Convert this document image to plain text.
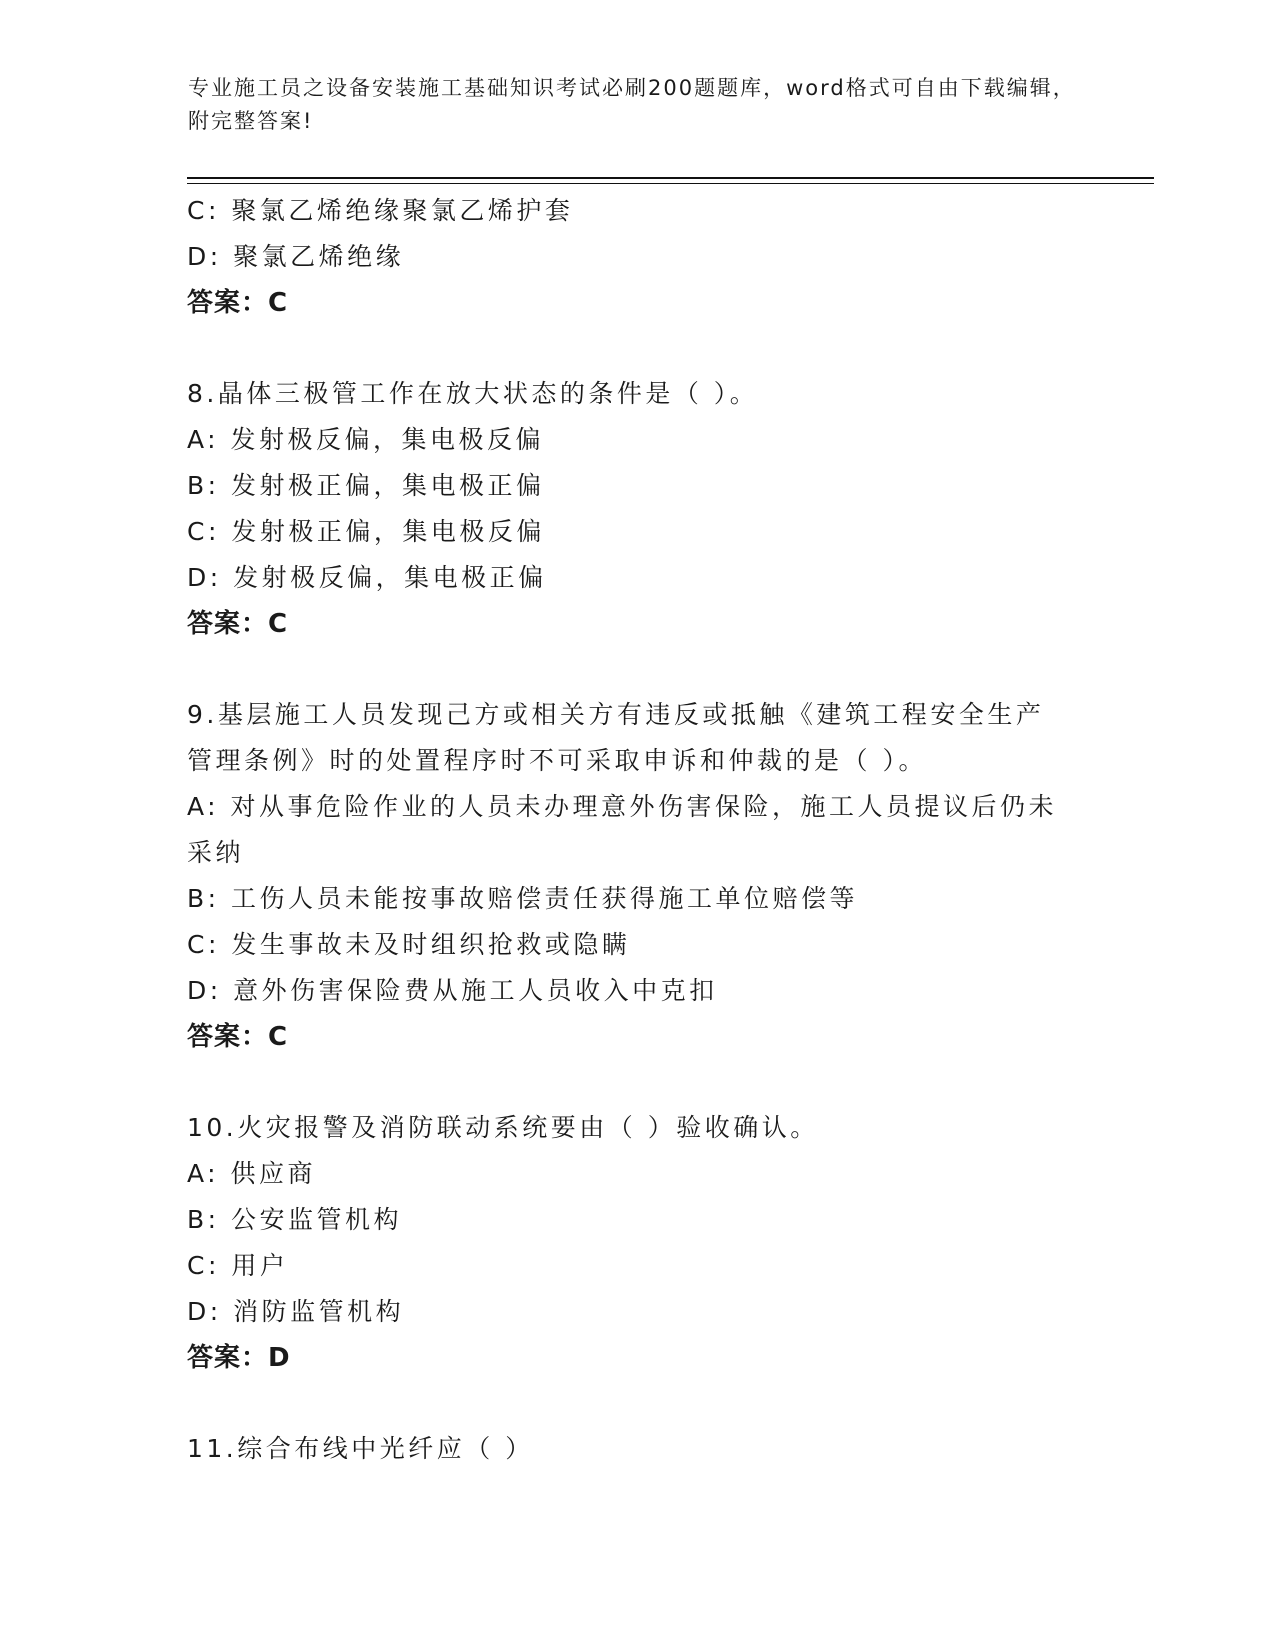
专业施工员之设备安装施工基础知识考试必刷200题题库，word格式可自由下载编辑，附完整答案!
C: 聚氯乙烯绝缘聚氯乙烯护套
D: 聚氯乙烯绝缘
答案：C
8.晶体三极管工作在放大状态的条件是（ ）。
A: 发射极反偏，集电极反偏
B: 发射极正偏，集电极正偏
C: 发射极正偏，集电极反偏
D: 发射极反偏，集电极正偏
答案：C
9.基层施工人员发现己方或相关方有违反或抵触《建筑工程安全生产
管理条例》时的处置程序时不可采取申诉和仲裁的是（ ）。
A: 对从事危险作业的人员未办理意外伤害保险，施工人员提议后仍未
采纳
B: 工伤人员未能按事故赔偿责任获得施工单位赔偿等
C: 发生事故未及时组织抢救或隐瞒
D: 意外伤害保险费从施工人员收入中克扣
答案：C
10.火灾报警及消防联动系统要由（ ）验收确认。
A: 供应商
B: 公安监管机构
C: 用户
D: 消防监管机构
答案：D
11.综合布线中光纤应（ ）
